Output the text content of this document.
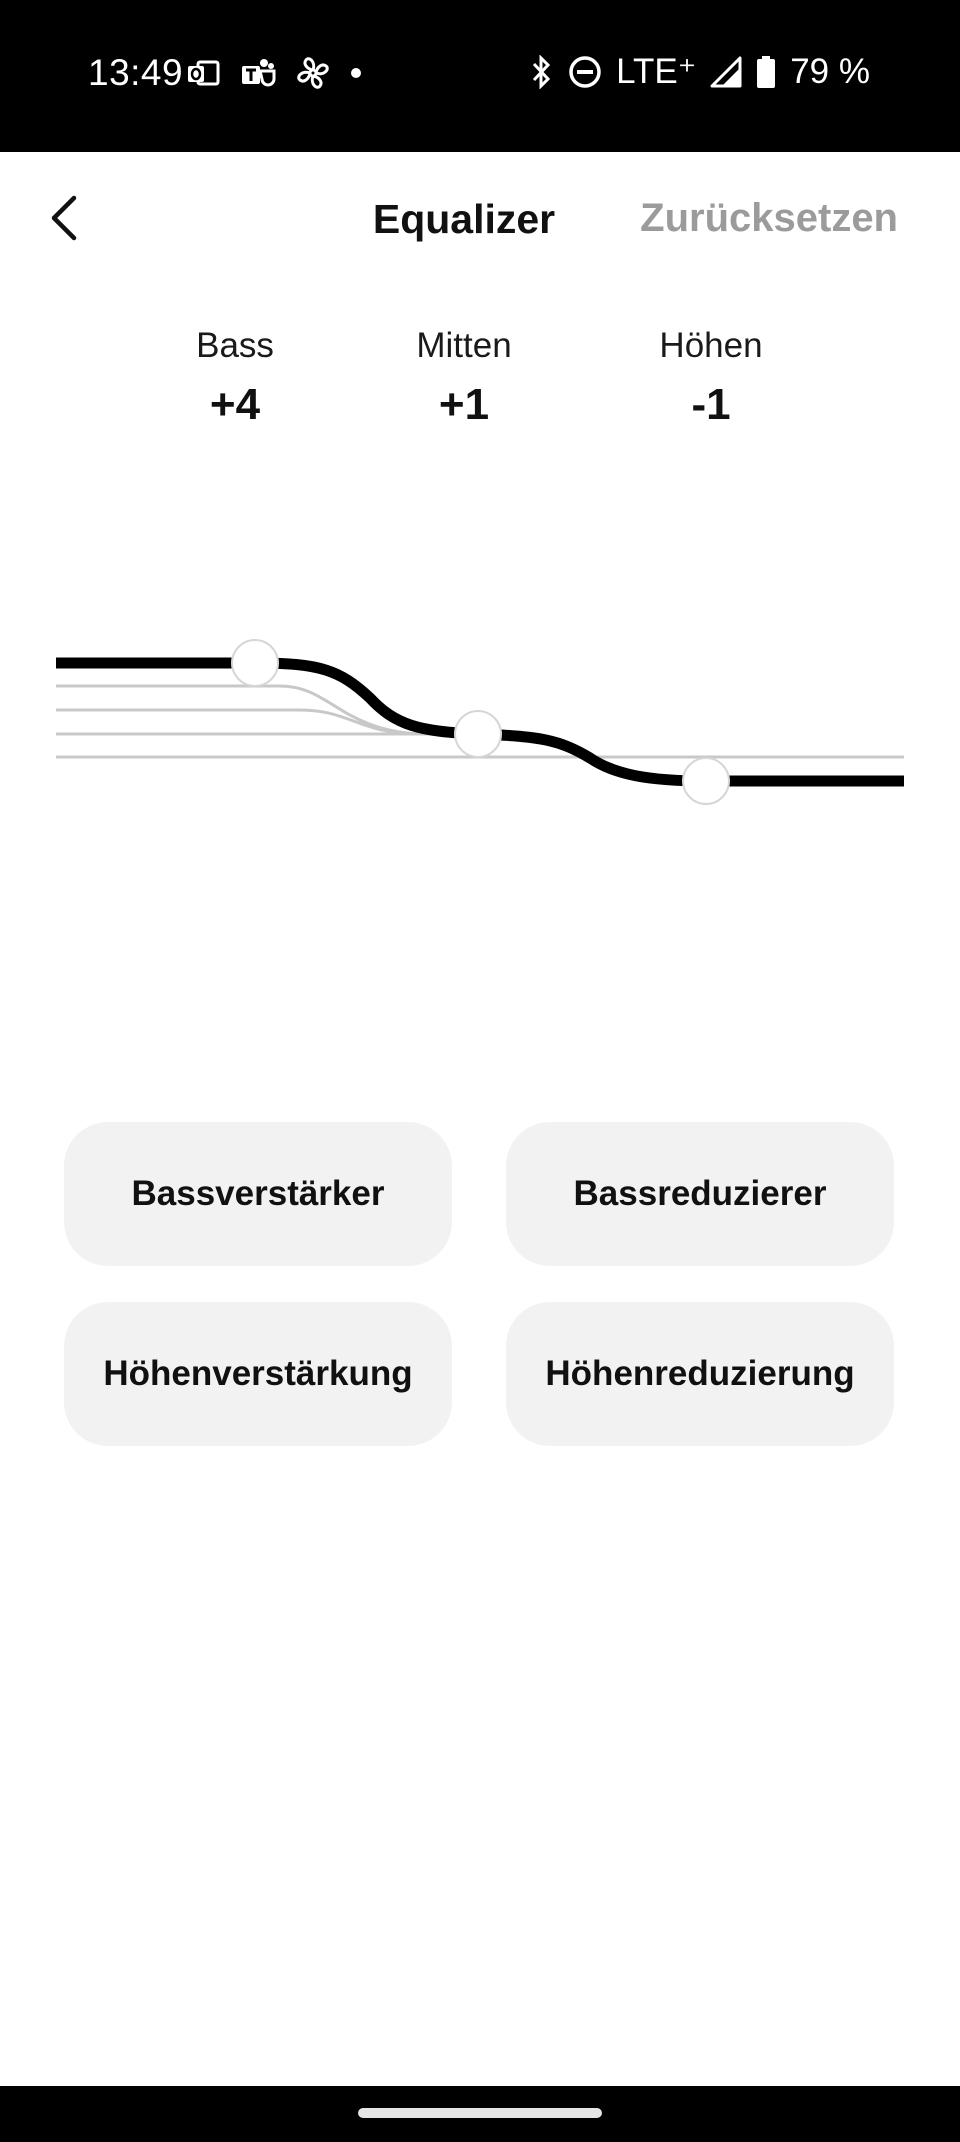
13:49	LTE⁺	79 %
Equalizer	Zurücksetzen
Bass
+4
Mitten
+1
Höhen
-1
Bassverstärker	Bassreduzierer
Höhenverstärkung	Höhenreduzierung
